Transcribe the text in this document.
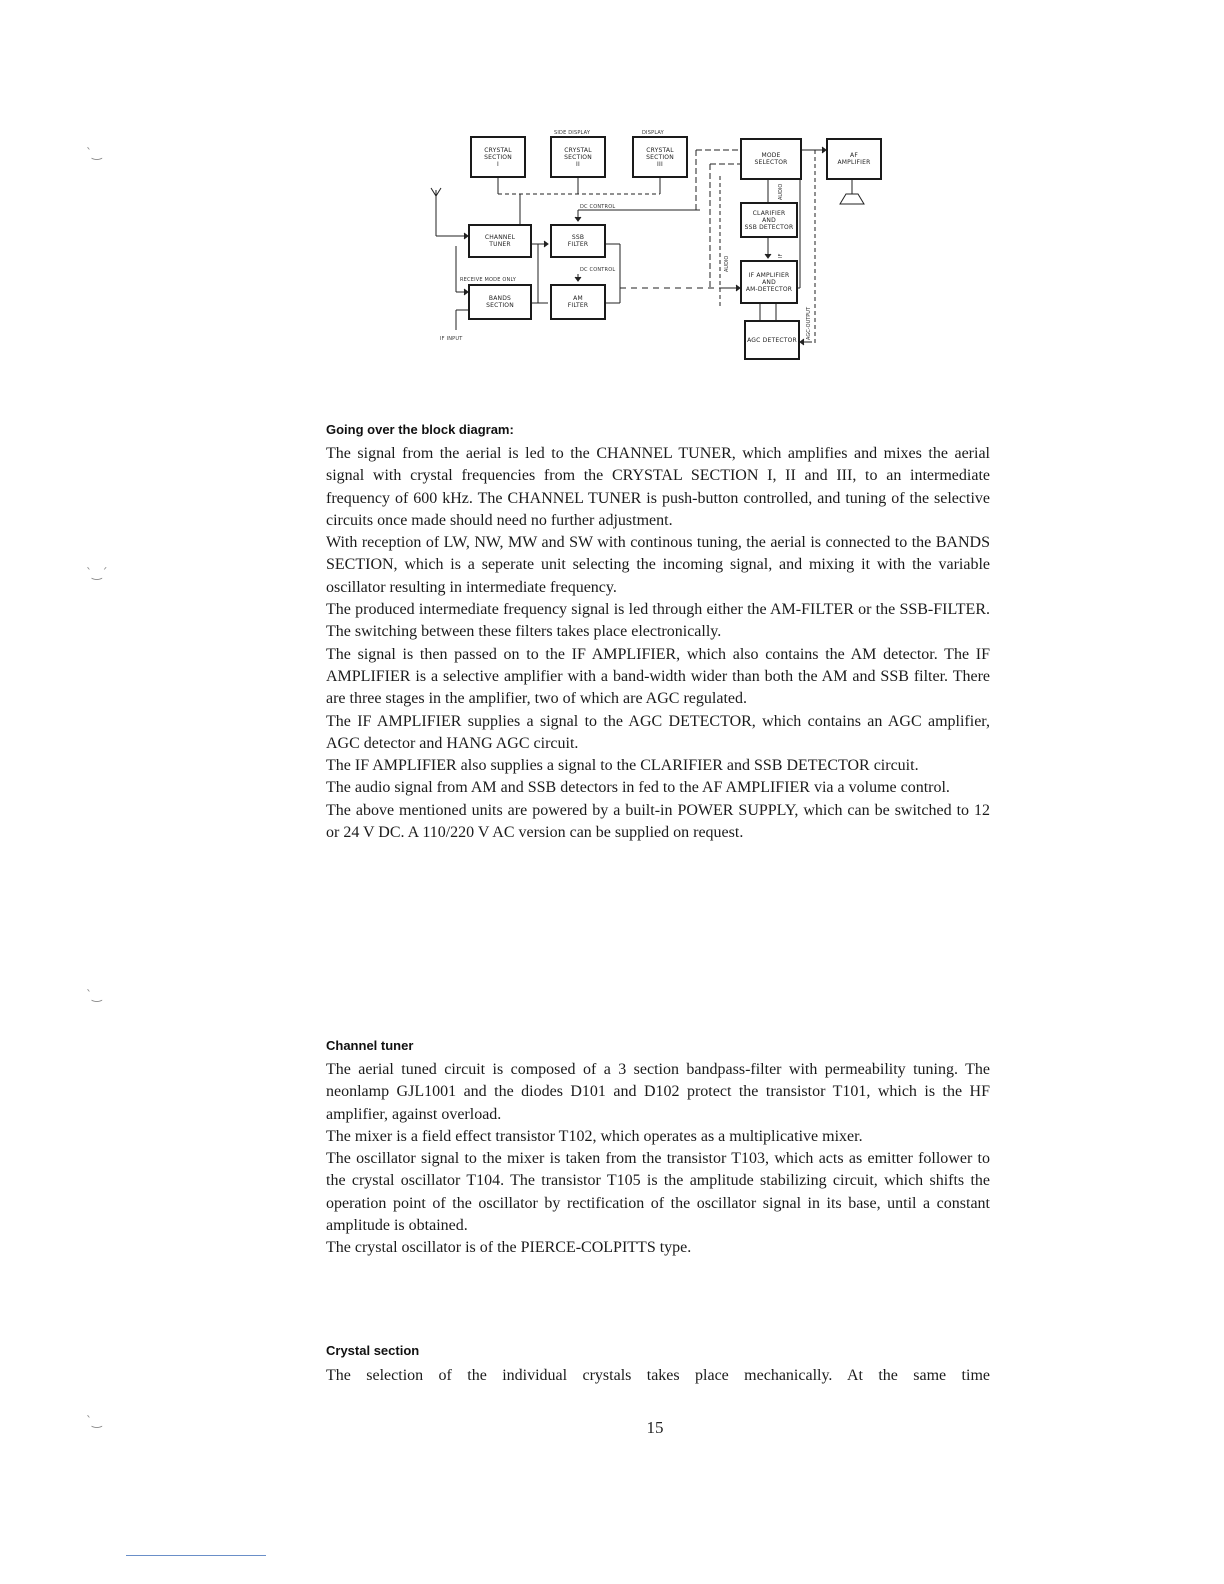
ˋ‿
ˋ‿ˊ
ˋ‿
ˋ‿
CRYSTAL
SECTION
I
CRYSTAL
SECTION
II
CRYSTAL
SECTION
III
MODE
SELECTOR
AF
AMPLIFIER
CHANNEL
TUNER
SSB
FILTER
BANDS
SECTION
AM
FILTER
CLARIFIER
AND
SSB DETECTOR
IF AMPLIFIER
AND
AM-DETECTOR
AGC DETECTOR
SIDE DISPLAY	DISPLAY
DC CONTROL
DC CONTROL
RECEIVE MODE ONLY
IF INPUT
AUDIO
AUDIO
IF
AGC-OUTPUT
Going over the block diagram:

The signal from the aerial is led to the CHANNEL TUNER, which amplifies and mixes the aerial signal with crystal frequencies from the CRYSTAL SECTION I, II and III, to an intermediate frequency of 600 kHz. The CHANNEL TUNER is push-button controlled, and tuning of the selective circuits once made should need no further adjustment.

With reception of LW, NW, MW and SW with continous tuning, the aerial is connected to the BANDS SECTION, which is a seperate unit selecting the incoming signal, and mixing it with the variable oscillator resulting in intermediate frequency.

The produced intermediate frequency signal is led through either the AM-FILTER or the SSB-FILTER. The switching between these filters takes place electronically.

The signal is then passed on to the IF AMPLIFIER, which also contains the AM detector. The IF AMPLIFIER is a selective amplifier with a band-width wider than both the AM and SSB filter. There are three stages in the amplifier, two of which are AGC regulated.

The IF AMPLIFIER supplies a signal to the AGC DETECTOR, which contains an AGC amplifier, AGC detector and HANG AGC circuit.

The IF AMPLIFIER also supplies a signal to the CLARIFIER and SSB DETECTOR circuit.

The audio signal from AM and SSB detectors in fed to the AF AMPLIFIER via a volume control.

The above mentioned units are powered by a built-in POWER SUPPLY, which can be switched to 12 or 24 V DC. A 110/220 V AC version can be supplied on request.

Channel tuner

The aerial tuned circuit is composed of a 3 section bandpass-filter with permeability tuning. The neonlamp GJL1001 and the diodes D101 and D102 protect the transistor T101, which is the HF amplifier, against overload.

The mixer is a field effect transistor T102, which operates as a multiplicative mixer.

The oscillator signal to the mixer is taken from the transistor T103, which acts as emitter follower to the crystal oscillator T104. The transistor T105 is the amplitude stabilizing circuit, which shifts the operation point of the oscillator by rectification of the oscillator signal in its base, until a constant amplitude is obtained.

The crystal oscillator is of the PIERCE-COLPITTS type.

Crystal section

The selection of the individual crystals takes place mechanically. At the same time

15
